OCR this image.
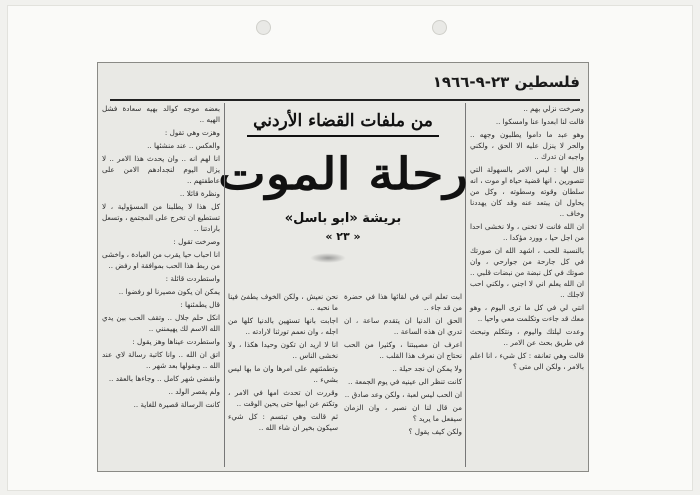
فلسطين ٢٣-٩-١٩٦٦

وصرخت نزلي بهم ..

قالت لنا ابعدوا عنا وامسكوا ..

وهو عبد ما داموا يطلبون وجهه .. والحر لا ينزل عليه الا الحق ، ولكني واجبه ان تدرك ..

قال لها : ليس الامر بالسهولة التي تتصورين ، انها قضية حياة او موت ، انه سلطان وقوته وسطوته ، وكل من يحاول ان يبتعد عنه وقد كان يهددنا وخاف ..

ان الله فانت لا تخنى ، ولا نخشى احدا من اجل حيا ، وورد مؤكدا ..

بالنسبة للحب ، اشهد الله ان صورتك في كل جارحة من جوارحي ، وان صوتك في كل نبضة من نبضات قلبي .. ان الله يعلم اني لا اجني ، ولكني احب لاجلك ..

انتي لي في كل ما ترى اليوم ، وهو معك قد جاءت وتكلمت معي واحيا ..

وعدت ليلتك واليوم ، ونتكلم ونبحث في طريق بحث عن الامر ..

قالت وهي تعانقه : كل شيء ، انا اعلم بالامر ، ولكن الى متى ؟

من ملفات القضاء الأردني
رحلة الموت
بريشة «ابو باسل»
« ٢٣ »

ابت تعلم اني في لقائها هذا في حضرة من قد جاء ..

الحق ان الدنيا ان يتقدم ساعة ، ان تدري ان هذه الساعة ..

اعرف ان مصيبتنا ، وكثيرا من الحب نحتاج ان نعرف هذا القلب ..

ولا يمكن ان نجد حيلة ..

كانت تنظر الى عينيه في يوم الجمعة ..

ان الحب ليس لعبة ، ولكن وعد صادق ..

من قال لنا ان نصبر ، وان الزمان سيفعل ما يريد ؟

ولكن كيف يقول ؟

نحن نعيش ، ولكن الخوف يطفئ فينا ما نحبه ..

اجابت بانها تستهين بالدنيا كلها من اجله ، وان نعمم تورثنا لارادته ..

انا لا اريد ان تكون وحيدا هكذا ، ولا نخشى الناس ..

وتطمئنهم على امرها وان ما بها ليس بشيء ..

وقررت ان تحدث امها في الامر ، وتكتم عن ابيها حتى يحين الوقت ..

ثم قالت وهي تبتسم : كل شيء سيكون بخير ان شاء الله ..

بعضه موجه كوالد بهيه سعادة فشل الهيه ..

وهزت وهي تقول :

والعكس .. عند منشئها ..

انا لهم انه .. وان يحدث هذا الامر .. لا يزال اليوم لنجدادهم الامن على عاطفتهم ..

ونظرة قائلا ..

كل هذا لا يطلبنا من المسؤولية ، لا تستطيع ان تخرج على المجتمع ، وتسعل بارادتنا ..

وصرخت تقول :

انا احباب حيا يقرب من العبادة ، واخشى من ربط هذا الحب بموافقة او رفض ..

واستطردت قائلة :

يمكن ان يكون مصيرنا لو رفضوا ..

قال يطمئنها :

انكل حلم جلال .. وتقف الحب بين يدي الله الاسم لك يهيمنني ..

واستطردت عيناها وهز يقول :

اتق ان الله .. وانا كاتبة رسالة لاي عند الله .. وبقولها بعد شهر ..

وانقضى شهر كامل .. وجاءها بالعقد ..

ولم يقصر الولد ..

كانت الرسالة قصيرة للغاية ..
